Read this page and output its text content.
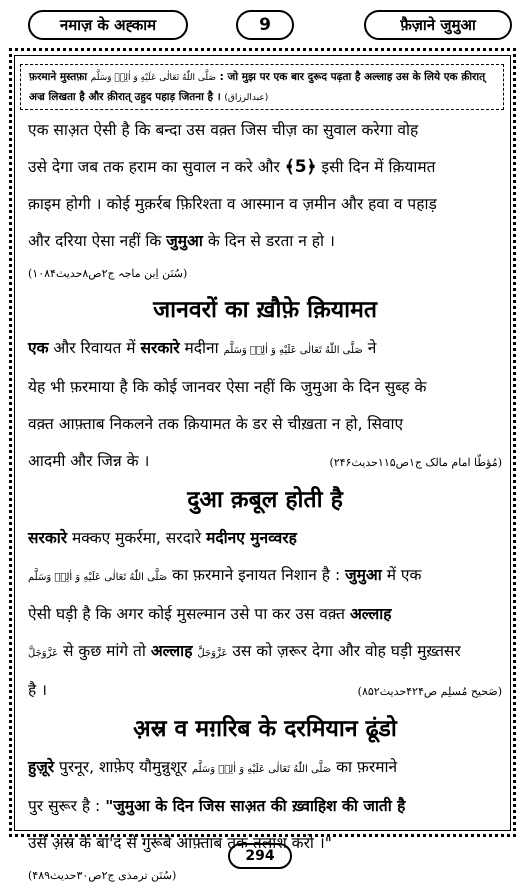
नमाज़ के अह्काम	9	फ़ैज़ाने जुमुआ
फ़रमाने मुस्तफ़ा صَلَّى اللّٰهُ تَعَالٰى عَلَيْهِ وَ اٰلِهٖ وَسَلَّم : जो मुझ पर एक बार दुरूद पढ़ता है अल्लाह उस के लिये एक क़ीरात्
अज्र लिखता है और क़ीरात् उहुद पहाड़ जितना है । (عبدالرزاق)

एक साअ़त ऐसी है कि बन्दा उस वक़्त जिस चीज़ का सुवाल करेगा वोह

उसे देगा जब तक हराम का सुवाल न करे और ﴾5﴿ इसी दिन में क़ियामत

क़ाइम होगी । कोई मुक़र्रब फ़िरिश्ता व आस्मान व ज़मीन और हवा व पहाड़

और दरिया ऐसा नहीं कि जुमुआ के दिन से डरता न हो ।

(سُنَن اِبن ماجہ ج۲ص۸حدیث۱۰۸۴)
जानवरों का ख़ौफ़े क़ियामत

एक और रिवायत में सरकारे मदीना صَلَّى اللّٰهُ تَعَالٰى عَلَيْهِ وَ اٰلِهٖ وَسَلَّم ने

येह भी फ़रमाया है कि कोई जानवर ऐसा नहीं कि जुमुआ के दिन सुब्ह के

वक़्त आफ़्ताब निकलने तक क़ियामत के डर से चीख़ता न हो, सिवाए

आदमी और जिन्न के ।	(مُؤطّا امام مالک ج۱ص۱۱۵حدیث۲۴۶)
दुआ क़बूल होती है

सरकारे मक्कए मुकर्रमा, सरदारे मदीनए मुनव्वरह

صَلَّى اللّٰهُ تَعَالٰى عَلَيْهِ وَ اٰلِهٖ وَسَلَّم का फ़रमाने इनायत निशान है : जुमुआ में एक

ऐसी घड़ी है कि अगर कोई मुसल्मान उसे पा कर उस वक़्त अल्लाह

عَزَّوَجَلَّ से कुछ मांगे तो अल्लाह عَزَّوَجَلَّ उस को ज़रूर देगा और वोह घड़ी मुख़्तसर

है ।	(صَحیح مُسلِم ص۴۲۴حدیث۸۵۲)
अ़स्र व मग़रिब के दरमियान ढूंडो

हुज़ूरे पुरनूर, शाफ़ेए यौमुन्नुशूर صَلَّى اللّٰهُ تَعَالٰى عَلَيْهِ وَ اٰلِهٖ وَسَلَّم का फ़रमाने

पुर सुरूर है : "जुमुआ के दिन जिस साअ़त की ख़्वाहिश की जाती है

उसे अ़स्र के बा'द से गुरूबे आफ़्ताब तक तलाश करो ।"

(سُنَن ترمذی ج۲ص۳۰حدیث۴۸۹)
294
